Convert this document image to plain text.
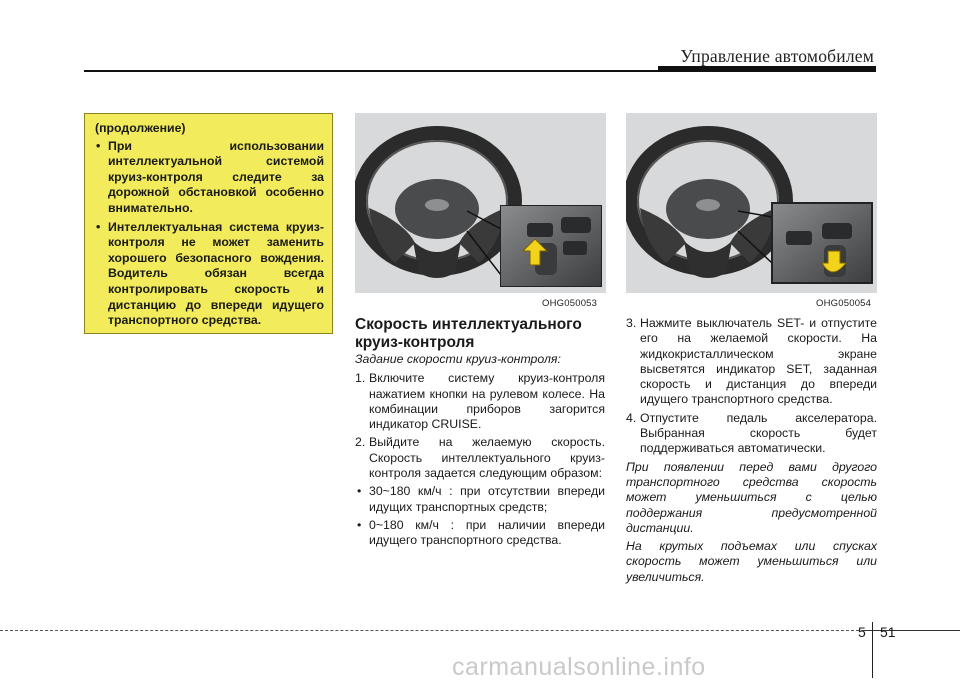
Управление автомобилем
(продолжение)
• При использовании интеллектуальной системой круиз-контроля следите за дорожной обстановкой особенно внимательно.
• Интеллектуальная система круиз-контроля не может заменить хорошего безопасного вождения. Водитель обязан всегда контролировать скорость и дистанцию до впереди идущего транспортного средства.
OHG050053	OHG050054
Скорость интеллектуального круиз-контроля

Задание скорости круиз-контроля:

1. Включите систему круиз-контроля нажатием кнопки на рулевом колесе. На комбинации приборов загорится индикатор CRUISE.

2. Выйдите на желаемую скорость. Скорость интеллектуального круиз-контроля задается следующим образом:

• 30~180 км/ч : при отсутствии впереди идущих транспортных средств;

• 0~180 км/ч : при наличии впереди идущего транспортного средства.

3. Нажмите выключатель SET- и отпустите его на желаемой скорости. На жидкокристаллическом экране высветятся индикатор SET, заданная скорость и дистанция до впереди идущего транспортного средства.

4. Отпустите педаль акселератора. Выбранная скорость будет поддерживаться автоматически.

При появлении перед вами другого транспортного средства скорость может уменьшиться с целью поддержания предусмотренной дистанции.

На крутых подъемах или спусках скорость может уменьшиться или увеличиться.

5 51
carmanualsonline.info
